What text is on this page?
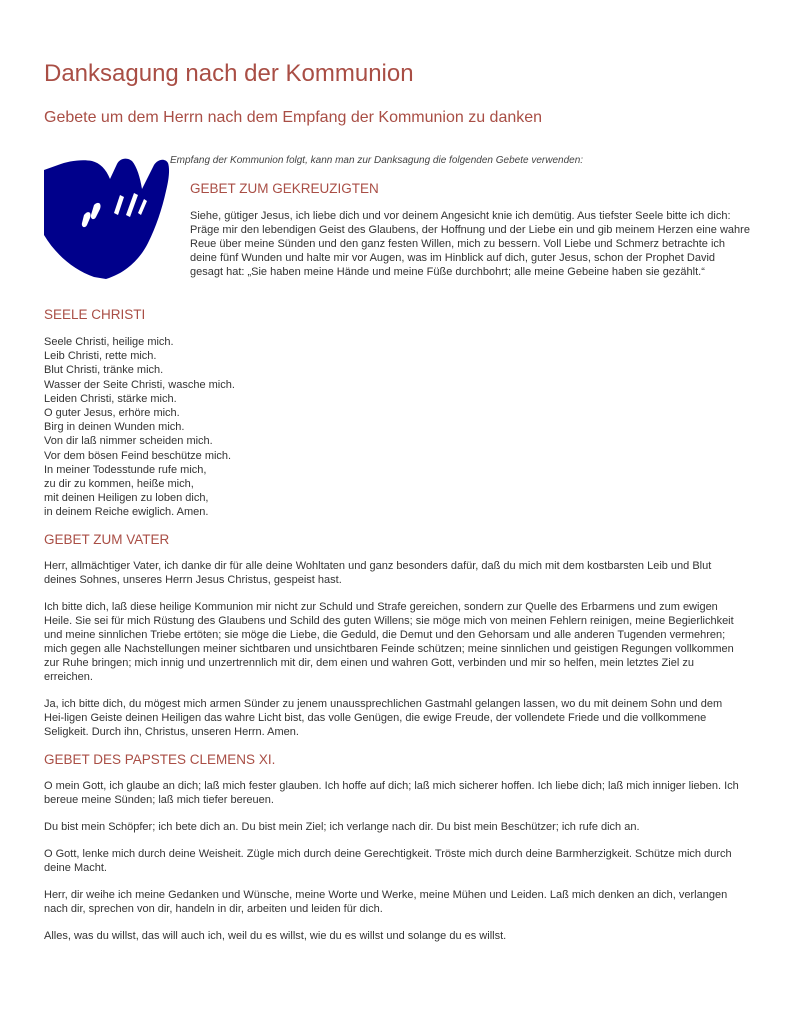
Danksagung nach der Kommunion
Gebete um dem Herrn nach dem Empfang der Kommunion zu danken

Empfang der Kommunion folgt, kann man zur Danksagung die folgenden Gebete verwenden:

GEBET ZUM GEKREUZIGTEN

Siehe, gütiger Jesus, ich liebe dich und vor deinem Angesicht knie ich demütig. Aus tiefster Seele bitte ich dich: Präge mir den lebendigen Geist des Glaubens, der Hoffnung und der Liebe ein und gib meinem Herzen eine wahre Reue über meine Sünden und den ganz festen Willen, mich zu bessern. Voll Liebe und Schmerz betrachte ich deine fünf Wunden und halte mir vor Augen, was im Hinblick auf dich, guter Jesus, schon der Prophet David gesagt hat: „Sie haben meine Hände und meine Füße durchbohrt; alle meine Gebeine haben sie gezählt.“

SEELE CHRISTI
Seele Christi, heilige mich.
Leib Christi, rette mich.
Blut Christi, tränke mich.
Wasser der Seite Christi, wasche mich.
Leiden Christi, stärke mich.
O guter Jesus, erhöre mich.
Birg in deinen Wunden mich.
Von dir laß nimmer scheiden mich.
Vor dem bösen Feind beschütze mich.
In meiner Todesstunde rufe mich,
zu dir zu kommen, heiße mich,
mit deinen Heiligen zu loben dich,
in deinem Reiche ewiglich. Amen.
GEBET ZUM VATER

Herr, allmächtiger Vater, ich danke dir für alle deine Wohltaten und ganz besonders dafür, daß du mich mit dem kostbarsten Leib und Blut deines Sohnes, unseres Herrn Jesus Christus, gespeist hast.

Ich bitte dich, laß diese heilige Kommunion mir nicht zur Schuld und Strafe gereichen, sondern zur Quelle des Erbarmens und zum ewigen Heile. Sie sei für mich Rüstung des Glaubens und Schild des guten Willens; sie möge mich von meinen Fehlern reinigen, meine Begierlichkeit und meine sinnlichen Triebe ertöten; sie möge die Liebe, die Geduld, die Demut und den Gehorsam und alle anderen Tugenden vermehren; mich gegen alle Nachstellungen meiner sichtbaren und unsichtbaren Feinde schützen; meine sinnlichen und geistigen Regungen vollkommen zur Ruhe bringen; mich innig und unzertrennlich mit dir, dem einen und wahren Gott, verbinden und mir so helfen, mein letztes Ziel zu erreichen.

Ja, ich bitte dich, du mögest mich armen Sünder zu jenem unaussprechlichen Gastmahl gelangen lassen, wo du mit deinem Sohn und dem Hei-ligen Geiste deinen Heiligen das wahre Licht bist, das volle Genügen, die ewige Freude, der vollendete Friede und die vollkommene Seligkeit. Durch ihn, Christus, unseren Herrn. Amen.

GEBET DES PAPSTES CLEMENS XI.

O mein Gott, ich glaube an dich; laß mich fester glauben. Ich hoffe auf dich; laß mich sicherer hoffen. Ich liebe dich; laß mich inniger lieben. Ich bereue meine Sünden; laß mich tiefer bereuen.

Du bist mein Schöpfer; ich bete dich an. Du bist mein Ziel; ich verlange nach dir. Du bist mein Beschützer; ich rufe dich an.

O Gott, lenke mich durch deine Weisheit. Zügle mich durch deine Gerechtigkeit. Tröste mich durch deine Barmherzigkeit. Schütze mich durch deine Macht.

Herr, dir weihe ich meine Gedanken und Wünsche, meine Worte und Werke, meine Mühen und Leiden. Laß mich denken an dich, verlangen nach dir, sprechen von dir, handeln in dir, arbeiten und leiden für dich.

Alles, was du willst, das will auch ich, weil du es willst, wie du es willst und solange du es willst.
